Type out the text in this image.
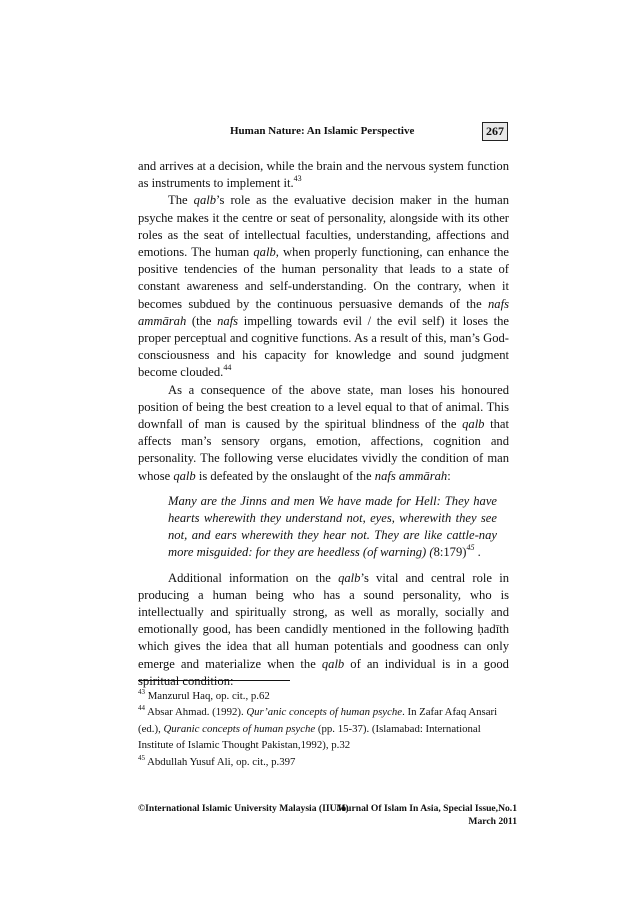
Human Nature: An Islamic Perspective	267

and arrives at a decision, while the brain and the nervous system function as instruments to implement it.$^{43}$

The qalb’s role as the evaluative decision maker in the human psyche makes it the centre or seat of personality, alongside with its other roles as the seat of intellectual faculties, understanding, affections and emotions. The human qalb, when properly functioning, can enhance the positive tendencies of the human personality that leads to a state of constant awareness and self-understanding. On the contrary, when it becomes subdued by the continuous persuasive demands of the nafs ammārah (the nafs impelling towards evil / the evil self) it loses the proper perceptual and cognitive functions. As a result of this, man’s God-consciousness and his capacity for knowledge and sound judgment become clouded.$^{44}$

As a consequence of the above state, man loses his honoured position of being the best creation to a level equal to that of animal. This downfall of man is caused by the spiritual blindness of the qalb that affects man’s sensory organs, emotion, affections, cognition and personality. The following verse elucidates vividly the condition of man whose qalb is defeated by the onslaught of the nafs ammārah:

Many are the Jinns and men We have made for Hell: They have hearts wherewith they understand not, eyes, wherewith they see not, and ears wherewith they hear not. They are like cattle-nay more misguided: for they are heedless (of warning) (8:179)$^{45}$ .

Additional information on the qalb’s vital and central role in producing a human being who has a sound personality, who is intellectually and spiritually strong, as well as morally, socially and emotionally good, has been candidly mentioned in the following ḥadīth which gives the idea that all human potentials and goodness can only emerge and materialize when the qalb of an individual is in a good spiritual condition:

$^{43}$ Manzurul Haq, op. cit., p.62

$^{44}$ Absar Ahmad. (1992). Qur’anic concepts of human psyche. In Zafar Afaq Ansari (ed.), Quranic concepts of human psyche (pp. 15-37). (Islamabad: International Institute of Islamic Thought Pakistan,1992), p.32

$^{45}$ Abdullah Yusuf Ali, op. cit., p.397

©International Islamic University Malaysia (IIUM)
Journal Of Islam In Asia, Special Issue,No.1
March 2011
